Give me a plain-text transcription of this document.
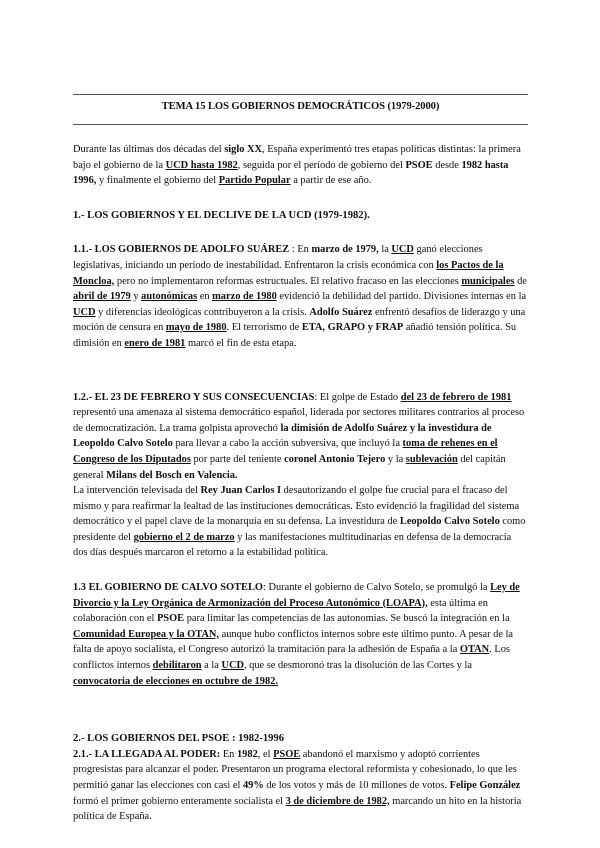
TEMA 15 LOS GOBIERNOS DEMOCRÁTICOS (1979-2000)

Durante las últimas dos décadas del siglo XX, España experimentó tres etapas políticas distintas: la primera bajo el gobierno de la UCD hasta 1982, seguida por el período de gobierno del PSOE desde 1982 hasta 1996, y finalmente el gobierno del Partido Popular a partir de ese año.

1.- LOS GOBIERNOS Y EL DECLIVE DE LA UCD (1979-1982).

1.1.- LOS GOBIERNOS DE ADOLFO SUÁREZ : En marzo de 1979, la UCD ganó elecciones legislativas, iniciando un período de inestabilidad. Enfrentaron la crisis económica con los Pactos de la Moncloa, pero no implementaron reformas estructuales. El relativo fracaso en las elecciones municipales de abril de 1979 y autonómicas en marzo de 1980 evidenció la debilidad del partido. Divisiones internas en la UCD y diferencias ideológicas contribuyeron a la crisis. Adolfo Suárez enfrentó desafíos de liderazgo y una moción de censura en mayo de 1980. El terrorismo de ETA, GRAPO y FRAP añadió tensión política. Su dimisión en enero de 1981 marcó el fin de esta etapa.

1.2.- EL 23 DE FEBRERO Y SUS CONSECUENCIAS: El golpe de Estado del 23 de febrero de 1981 representó una amenaza al sistema democrático español, liderada por sectores militares contrarios al proceso de democratización. La trama golpista aprovechó la dimisión de Adolfo Suárez y la investidura de Leopoldo Calvo Sotelo para llevar a cabo la acción subversiva, que incluyó la toma de rehenes en el Congreso de los Diputados por parte del teniente coronel Antonio Tejero y la sublevación del capitán general Milans del Bosch en Valencia.
La intervención televisada del Rey Juan Carlos I desautorizando el golpe fue crucial para el fracaso del mismo y para reafirmar la lealtad de las instituciones democráticas. Esto evidenció la fragilidad del sistema democrático y el papel clave de la monarquía en su defensa. La investidura de Leopoldo Calvo Sotelo como presidente del gobierno el 2 de marzo y las manifestaciones multitudinarias en defensa de la democracia dos días después marcaron el retorno a la estabilidad política.

1.3 EL GOBIERNO DE CALVO SOTELO: Durante el gobierno de Calvo Sotelo, se promulgó la Ley de Divorcio y la Ley Orgánica de Armonización del Proceso Autonómico (LOAPA), esta última en colaboración con el PSOE para limitar las competencias de las autonomías. Se buscó la integración en la Comunidad Europea y la OTAN, aunque hubo conflictos internos sobre este último punto. A pesar de la falta de apoyo socialista, el Congreso autorizó la tramitación para la adhesión de España a la OTAN. Los conflictos internos debilitaron a la UCD, que se desmoronó tras la disolución de las Cortes y la convocatoria de elecciones en octubre de 1982.

2.- LOS GOBIERNOS DEL PSOE : 1982-1996

2.1.- LA LLEGADA AL PODER: En 1982, el PSOE abandonó el marxismo y adoptó corrientes progresistas para alcanzar el poder. Presentaron un programa electoral reformista y cohesionado, lo que les permitió ganar las elecciones con casi el 49% de los votos y más de 10 millones de votos. Felipe González formó el primer gobierno enteramente socialista el 3 de diciembre de 1982, marcando un hito en la historia política de España.
